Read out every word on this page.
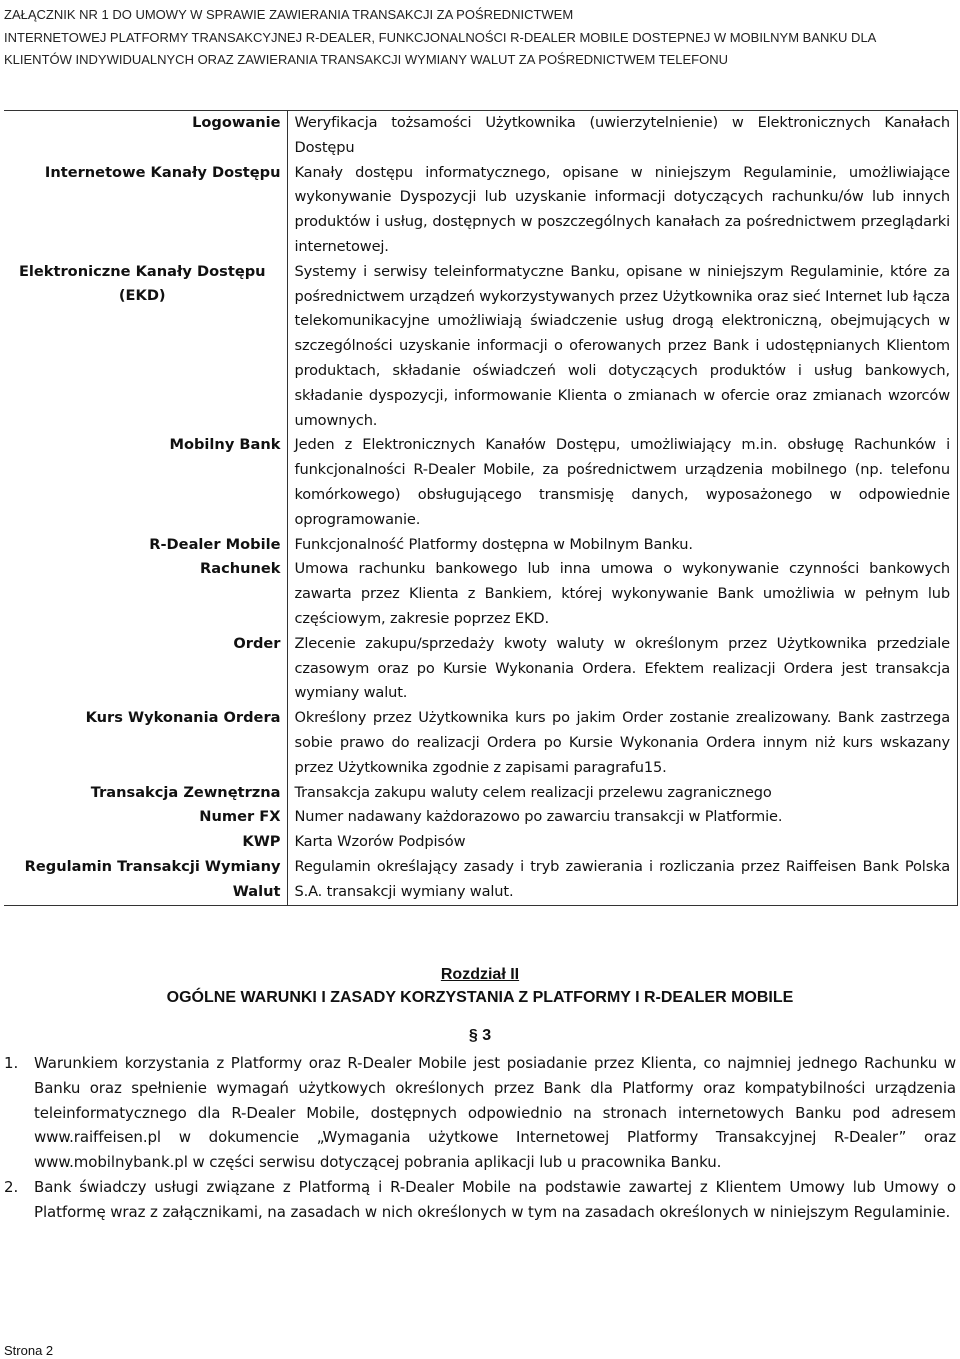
ZAŁĄCZNIK NR 1 DO UMOWY W SPRAWIE ZAWIERANIA TRANSAKCJI ZA POŚREDNICTWEM
INTERNETOWEJ PLATFORMY TRANSAKCYJNEJ R-DEALER, FUNKCJONALNOŚCI R-DEALER MOBILE DOSTEPNEJ W MOBILNYM BANKU DLA
KLIENTÓW INDYWIDUALNYCH ORAZ ZAWIERANIA TRANSAKCJI WYMIANY WALUT ZA POŚREDNICTWEM TELEFONU
Logowanie	Weryfikacja tożsamości Użytkownika (uwierzytelnienie) w Elektronicznych Kanałach Dostępu
Internetowe Kanały Dostępu	Kanały dostępu informatycznego, opisane w niniejszym Regulaminie, umożliwiające wykonywanie Dyspozycji lub uzyskanie informacji dotyczących rachunku/ów lub innych produktów i usług, dostępnych w poszczególnych kanałach za pośrednictwem przeglądarki internetowej.
Elektroniczne Kanały Dostępu (EKD)	Systemy i serwisy teleinformatyczne Banku, opisane w niniejszym Regulaminie, które za pośrednictwem urządzeń wykorzystywanych przez Użytkownika oraz sieć Internet lub łącza telekomunikacyjne umożliwiają świadczenie usług drogą elektroniczną, obejmujących w szczególności uzyskanie informacji o oferowanych przez Bank i udostępnianych Klientom produktach, składanie oświadczeń woli dotyczących produktów i usług bankowych, składanie dyspozycji, informowanie Klienta o zmianach w ofercie oraz zmianach wzorców umownych.
Mobilny Bank	Jeden z Elektronicznych Kanałów Dostępu, umożliwiający m.in. obsługę Rachunków i funkcjonalności R-Dealer Mobile, za pośrednictwem urządzenia mobilnego (np. telefonu komórkowego) obsługującego transmisję danych, wyposażonego w odpowiednie oprogramowanie.
R-Dealer Mobile	Funkcjonalność Platformy dostępna w Mobilnym Banku.
Rachunek	Umowa rachunku bankowego lub inna umowa o wykonywanie czynności bankowych zawarta przez Klienta z Bankiem, której wykonywanie Bank umożliwia w pełnym lub częściowym, zakresie poprzez EKD.
Order	Zlecenie zakupu/sprzedaży kwoty waluty w określonym przez Użytkownika przedziale czasowym oraz po Kursie Wykonania Ordera. Efektem realizacji Ordera jest transakcja wymiany walut.
Kurs Wykonania Ordera	Określony przez Użytkownika kurs po jakim Order zostanie zrealizowany. Bank zastrzega sobie prawo do realizacji Ordera po Kursie Wykonania Ordera innym niż kurs wskazany przez Użytkownika zgodnie z zapisami paragrafu15.
Transakcja Zewnętrzna	Transakcja zakupu waluty celem realizacji przelewu zagranicznego
Numer FX	Numer nadawany każdorazowo po zawarciu transakcji w Platformie.
KWP	Karta Wzorów Podpisów
Regulamin Transakcji Wymiany Walut	Regulamin określający zasady i tryb zawierania i rozliczania przez Raiffeisen Bank Polska S.A. transakcji wymiany walut.
Rozdział II
OGÓLNE WARUNKI I ZASADY KORZYSTANIA Z PLATFORMY I R-DEALER MOBILE
§ 3
1.	Warunkiem korzystania z Platformy oraz R-Dealer Mobile jest posiadanie przez Klienta, co najmniej jednego Rachunku w Banku oraz spełnienie wymagań użytkowych określonych przez Bank dla Platformy oraz kompatybilności urządzenia teleinformatycznego dla R-Dealer Mobile, dostępnych odpowiednio na stronach internetowych Banku pod adresem www.raiffeisen.pl w dokumencie „Wymagania użytkowe Internetowej Platformy Transakcyjnej R-Dealer” oraz www.mobilnybank.pl w części serwisu dotyczącej pobrania aplikacji lub u pracownika Banku.
2.	Bank świadczy usługi związane z Platformą i R-Dealer Mobile na podstawie zawartej z Klientem Umowy lub Umowy o Platformę wraz z załącznikami, na zasadach w nich określonych w tym na zasadach określonych w niniejszym Regulaminie.
Strona 2
